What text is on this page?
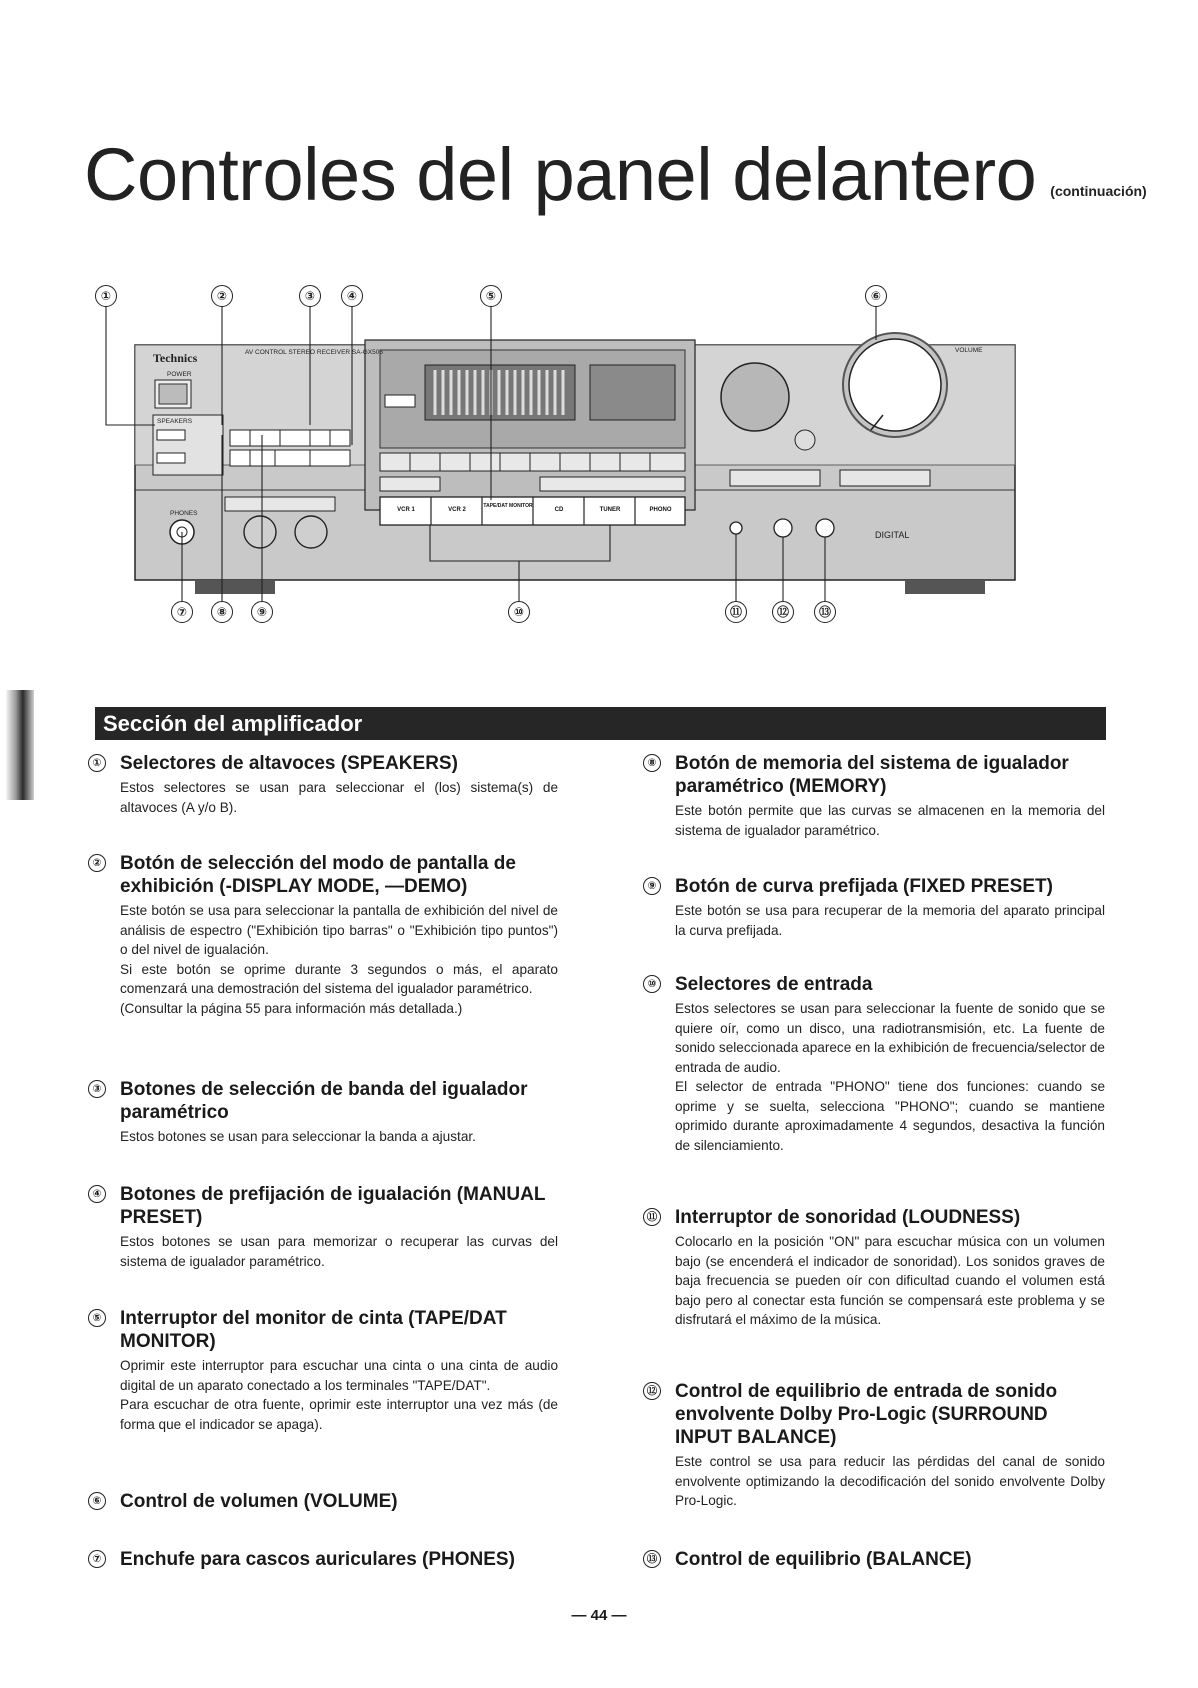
Controles del panel delantero (continuación)
①	②	③	④	⑤	⑥
⑦	⑧	⑨	⑩	⑪	⑫	⑬
Technics	AV CONTROL STEREO RECEIVER SA-GX505
POWER
SPEAKERS
PHONES
VOLUME
DIGITAL
VCR 1	VCR 2
TAPE/DAT MONITOR
CD	TUNER	PHONO
Sección del amplificador
① Selectores de altavoces (SPEAKERS)

Estos selectores se usan para seleccionar el (los) sistema(s) de altavoces (A y/o B).

② Botón de selección del modo de pantalla de exhibición (-DISPLAY MODE, —DEMO)

Este botón se usa para seleccionar la pantalla de exhibición del nivel de análisis de espectro ("Exhibición tipo barras" o "Exhibición tipo puntos") o del nivel de igualación.
Si este botón se oprime durante 3 segundos o más, el aparato comenzará una demostración del sistema del igualador paramétrico.
(Consultar la página 55 para información más detallada.)

③ Botones de selección de banda del igualador paramétrico

Estos botones se usan para seleccionar la banda a ajustar.

④ Botones de prefijación de igualación (MANUAL PRESET)

Estos botones se usan para memorizar o recuperar las curvas del sistema de igualador paramétrico.

⑤ Interruptor del monitor de cinta (TAPE/DAT MONITOR)

Oprimir este interruptor para escuchar una cinta o una cinta de audio digital de un aparato conectado a los terminales "TAPE/DAT".
Para escuchar de otra fuente, oprimir este interruptor una vez más (de forma que el indicador se apaga).

⑥ Control de volumen (VOLUME)
⑦ Enchufe para cascos auriculares (PHONES)
⑧ Botón de memoria del sistema de igualador paramétrico (MEMORY)

Este botón permite que las curvas se almacenen en la memoria del sistema de igualador paramétrico.

⑨ Botón de curva prefijada (FIXED PRESET)

Este botón se usa para recuperar de la memoria del aparato principal la curva prefijada.

⑩ Selectores de entrada

Estos selectores se usan para seleccionar la fuente de sonido que se quiere oír, como un disco, una radiotransmisión, etc. La fuente de sonido seleccionada aparece en la exhibición de frecuencia/selector de entrada de audio.
El selector de entrada "PHONO" tiene dos funciones: cuando se oprime y se suelta, selecciona "PHONO"; cuando se mantiene oprimido durante aproximadamente 4 segundos, desactiva la función de silenciamiento.

⑪ Interruptor de sonoridad (LOUDNESS)

Colocarlo en la posición "ON" para escuchar música con un volumen bajo (se encenderá el indicador de sonoridad). Los sonidos graves de baja frecuencia se pueden oír con dificultad cuando el volumen está bajo pero al conectar esta función se compensará este problema y se disfrutará el máximo de la música.

⑫ Control de equilibrio de entrada de sonido envolvente Dolby Pro-Logic (SURROUND INPUT BALANCE)

Este control se usa para reducir las pérdidas del canal de sonido envolvente optimizando la decodificación del sonido envolvente Dolby Pro-Logic.

⑬ Control de equilibrio (BALANCE)
— 44 —
